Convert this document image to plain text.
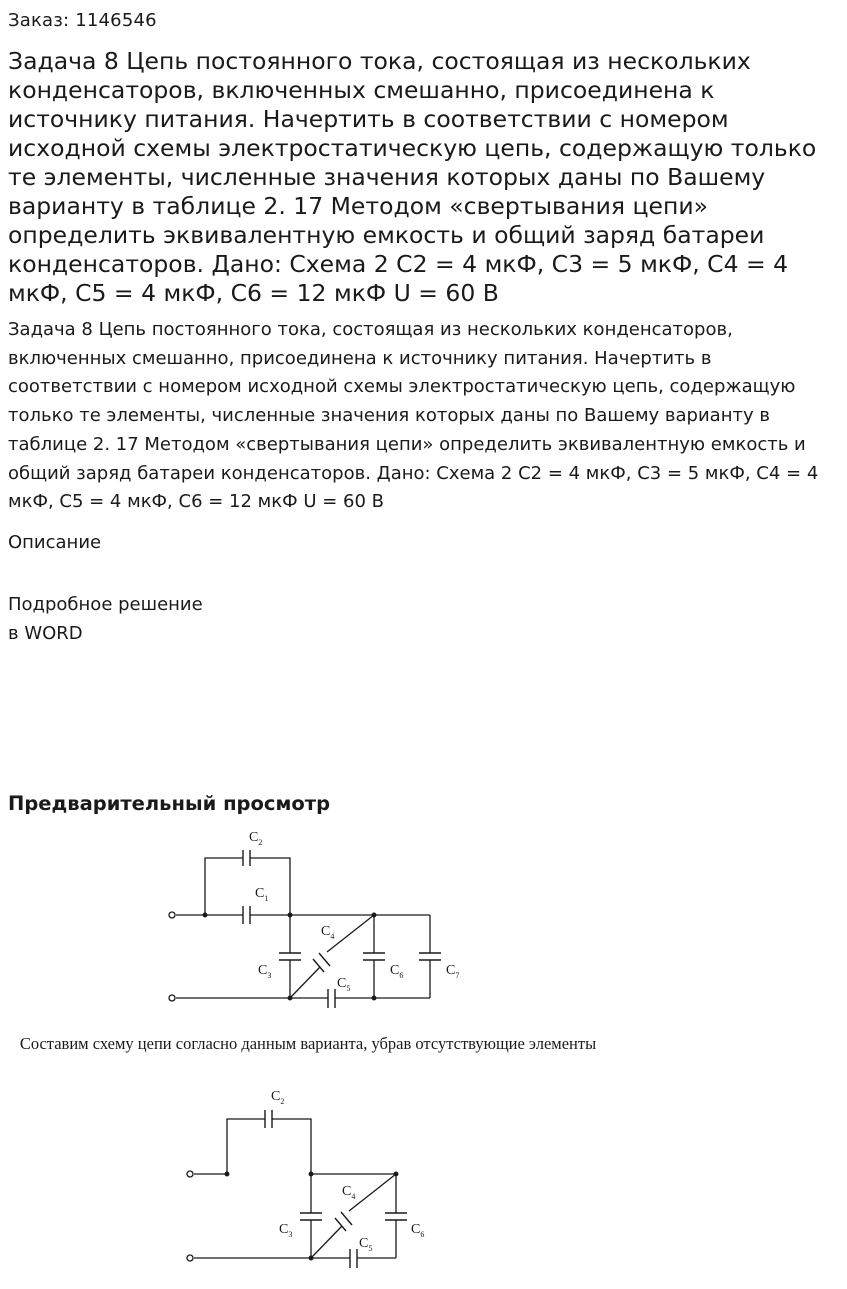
Заказ: 1146546
Задача 8 Цепь постоянного тока, состоящая из нескольких конденсаторов, включенных смешанно, присоединена к источнику питания. Начертить в соответствии с номером исходной схемы электростатическую цепь, содержащую только те элементы, численные значения которых даны по Вашему варианту в таблице 2. 17 Методом «свертывания цепи» определить эквивалентную емкость и общий заряд батареи конденсаторов. Дано: Схема 2 C2 = 4 мкФ, C3 = 5 мкФ, C4 = 4 мкФ, C5 = 4 мкФ, C6 = 12 мкФ U = 60 В

Задача 8 Цепь постоянного тока, состоящая из нескольких конденсаторов, включенных смешанно, присоединена к источнику питания. Начертить в соответствии с номером исходной схемы электростатическую цепь, содержащую только те элементы, численные значения которых даны по Вашему варианту в таблице 2. 17 Методом «свертывания цепи» определить эквивалентную емкость и общий заряд батареи конденсаторов. Дано: Схема 2 C2 = 4 мкФ, C3 = 5 мкФ, C4 = 4 мкФ, C5 = 4 мкФ, C6 = 12 мкФ U = 60 В

Описание
Подробное решение
в WORD
Предварительный просмотр
$C_2$
$C_1$
$C_4$
$C_3$	$C_6$	$C_7$
$C_5$
$C_2$
$C_4$
$C_3$	$C_6$
$C_5$
Составим схему цепи согласно данным варианта, убрав отсутствующие элементы
